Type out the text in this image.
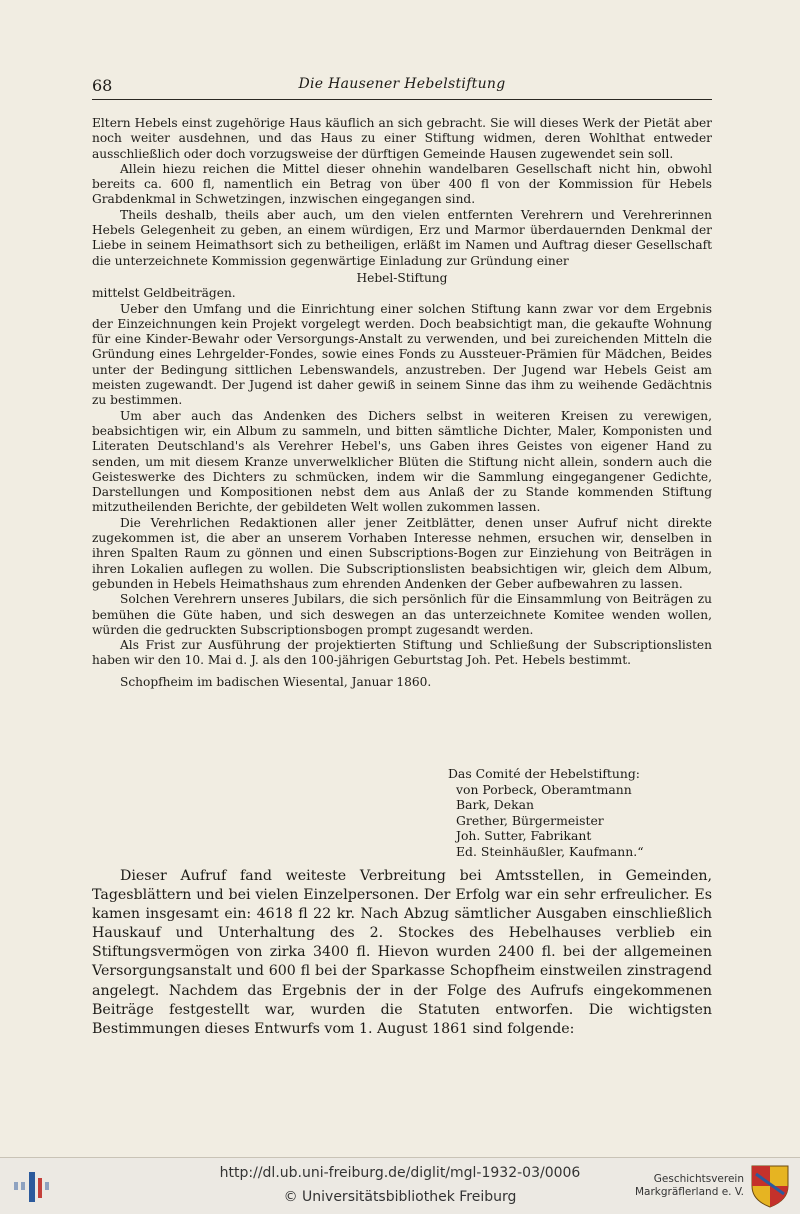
68	Die Hausener Hebelstiftung

Eltern Hebels einst zugehörige Haus käuflich an sich gebracht. Sie will dieses Werk der Pietät aber noch weiter ausdehnen, und das Haus zu einer Stiftung widmen, deren Wohlthat entweder ausschließlich oder doch vorzugsweise der dürftigen Gemeinde Hausen zugewendet sein soll.

Allein hiezu reichen die Mittel dieser ohnehin wandelbaren Gesellschaft nicht hin, obwohl bereits ca. 600 fl, namentlich ein Betrag von über 400 fl von der Kommission für Hebels Grabdenkmal in Schwetzingen, inzwischen eingegangen sind.

Theils deshalb, theils aber auch, um den vielen entfernten Verehrern und Verehrerinnen Hebels Gelegenheit zu geben, an einem würdigen, Erz und Marmor überdauernden Denkmal der Liebe in seinem Heimathsort sich zu betheiligen, erläßt im Namen und Auftrag dieser Gesellschaft die unterzeichnete Kommission gegenwärtige Einladung zur Gründung einer

Hebel-Stiftung

mittelst Geldbeiträgen.

Ueber den Umfang und die Einrichtung einer solchen Stiftung kann zwar vor dem Ergebnis der Einzeichnungen kein Projekt vorgelegt werden. Doch beabsichtigt man, die gekaufte Wohnung für eine Kinder-Bewahr oder Versorgungs-Anstalt zu verwenden, und bei zureichenden Mitteln die Gründung eines Lehrgelder-Fondes, sowie eines Fonds zu Aussteuer-Prämien für Mädchen, Beides unter der Bedingung sittlichen Lebenswandels, anzustreben. Der Jugend war Hebels Geist am meisten zugewandt. Der Jugend ist daher gewiß in seinem Sinne das ihm zu weihende Gedächtnis zu bestimmen.

Um aber auch das Andenken des Dichers selbst in weiteren Kreisen zu verewigen, beabsichtigen wir, ein Album zu sammeln, und bitten sämtliche Dichter, Maler, Komponisten und Literaten Deutschland's als Verehrer Hebel's, uns Gaben ihres Geistes von eigener Hand zu senden, um mit diesem Kranze unverwelklicher Blüten die Stiftung nicht allein, sondern auch die Geisteswerke des Dichters zu schmücken, indem wir die Sammlung eingegangener Gedichte, Darstellungen und Kompositionen nebst dem aus Anlaß der zu Stande kommenden Stiftung mitzutheilenden Berichte, der gebildeten Welt wollen zukommen lassen.

Die Verehrlichen Redaktionen aller jener Zeitblätter, denen unser Aufruf nicht direkte zugekommen ist, die aber an unserem Vorhaben Interesse nehmen, ersuchen wir, denselben in ihren Spalten Raum zu gönnen und einen Subscriptions-Bogen zur Einziehung von Beiträgen in ihren Lokalien auflegen zu wollen. Die Subscriptionslisten beabsichtigen wir, gleich dem Album, gebunden in Hebels Heimathshaus zum ehrenden Andenken der Geber aufbewahren zu lassen.

Solchen Verehrern unseres Jubilars, die sich persönlich für die Einsammlung von Beiträgen zu bemühen die Güte haben, und sich deswegen an das unterzeichnete Komitee wenden wollen, würden die gedruckten Subscriptionsbogen prompt zugesandt werden.

Als Frist zur Ausführung der projektierten Stiftung und Schließung der Subscriptionslisten haben wir den 10. Mai d. J. als den 100-jährigen Geburtstag Joh. Pet. Hebels bestimmt.

Schopfheim im badischen Wiesental, Januar 1860.

Das Comité der Hebelstiftung:
von Porbeck, Oberamtmann
Bark, Dekan
Grether, Bürgermeister
Joh. Sutter, Fabrikant
Ed. Steinhäußler, Kaufmann.“

Dieser Aufruf fand weiteste Verbreitung bei Amtsstellen, in Gemeinden, Tagesblättern und bei vielen Einzelpersonen. Der Erfolg war ein sehr erfreulicher. Es kamen insgesamt ein: 4618 fl 22 kr. Nach Abzug sämtlicher Ausgaben einschließlich Hauskauf und Unterhaltung des 2. Stockes des Hebelhauses verblieb ein Stiftungsvermögen von zirka 3400 fl. Hievon wurden 2400 fl. bei der allgemeinen Versorgungsanstalt und 600 fl bei der Sparkasse Schopfheim einstweilen zinstragend angelegt. Nachdem das Ergebnis der in der Folge des Aufrufs eingekommenen Beiträge festgestellt war, wurden die Statuten entworfen. Die wichtigsten Bestimmungen dieses Entwurfs vom 1. August 1861 sind folgende:

http://dl.ub.uni-freiburg.de/diglit/mgl-1932-03/0006
© Universitätsbibliothek Freiburg
Geschichtsverein
Markgräflerland e. V.
